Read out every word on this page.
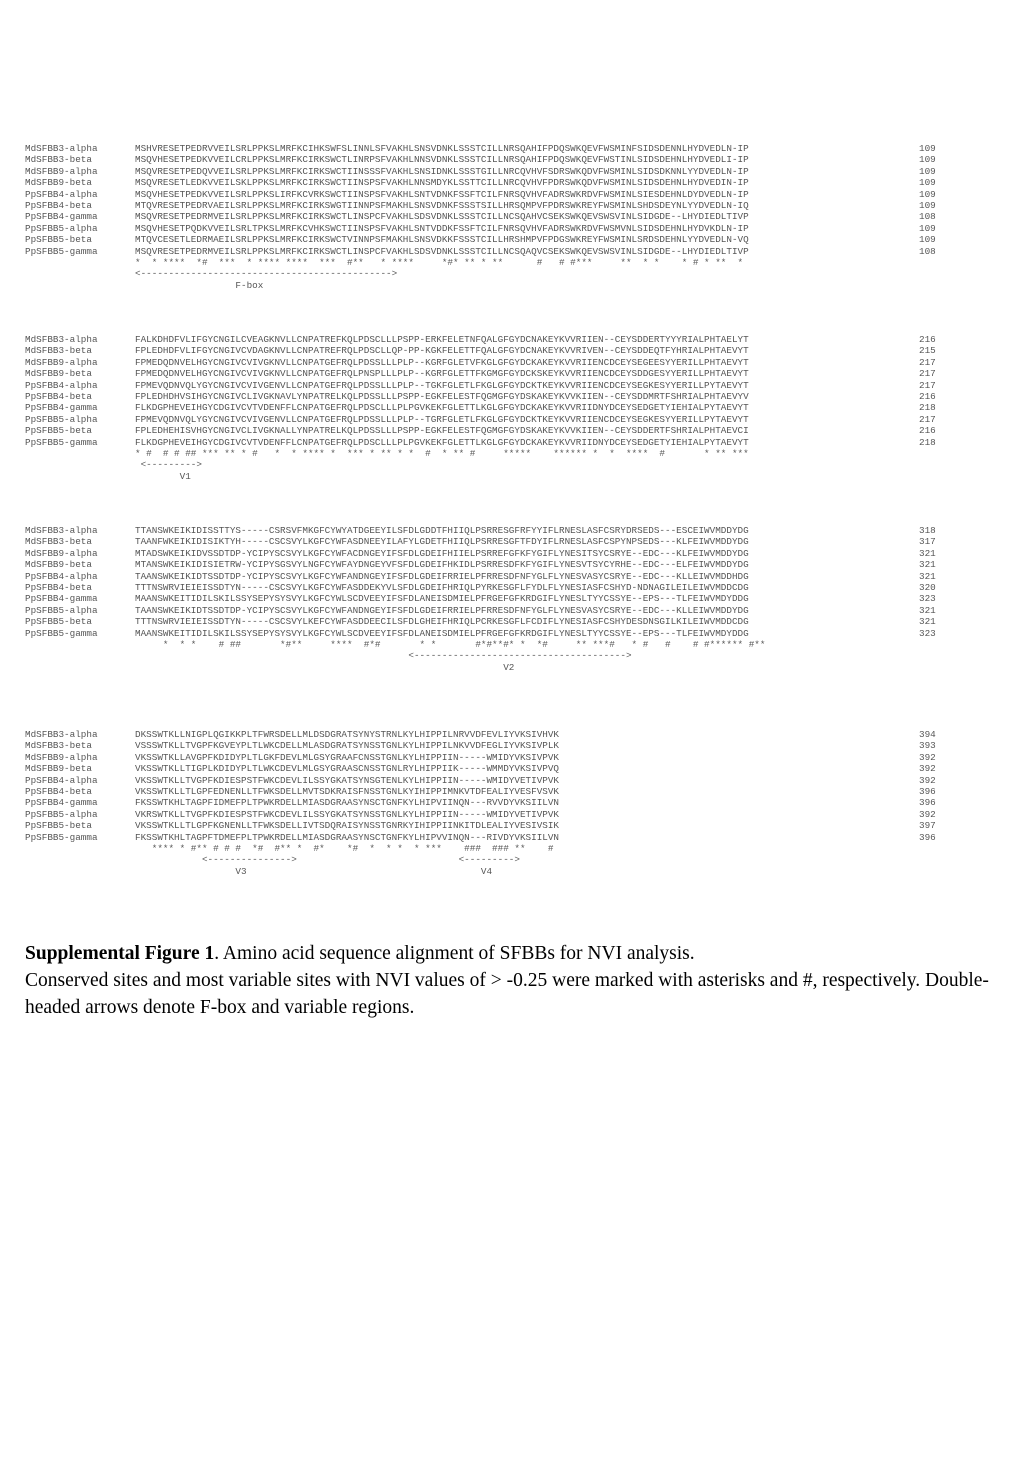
MdSFBB3-alpha	MSHVRESETPEDRVVEILSRLPPKSLMRFKCIHKSWFSLINNLSFVAKHLSNSVDNKLSSSTCILLNRSQAHIFPDQSWKQEVFWSMINFSIDSDENNLHYDVEDLN-IP	109
MdSFBB3-beta	MSQVHESETPEDKVVEILCRLPPKSLMRFKCIRKSWCTLINRPSFVAKHLNNSVDNKLSSSTCILLNRSQAHIFPDQSWKQEVFWSTINLSIDSDEHNLHYDVEDLI-IP	109
MdSFBB9-alpha	MSQVRESETPEDQVVEILSRLPPKSLMRFKCIRKSWCTIINSSSFVAKHLSNSIDNKLSSSTGILLNRCQVHVFSDRSWKQDVFWSMINLSIDSDKNNLYYDVEDLN-IP	109
MdSFBB9-beta	MSQVRESETLEDKVVEILSKLPPKSLMRFKCIRKSWCTIINSPSFVAKHLNNSMDYKLSSTTCILLNRCQVHVFPDRSWKQDVFWSMINLSIDSDEHNLHYDVEDIN-IP	109
PpSFBB4-alpha	MSQVHESETPEDKVVEILSRLPPKSLIRFKCVRKSWCTIINSPSFVAKHLSNTVDNKFSSFTCILFNRSQVHVFADRSWKRDVFWSMINLSIESDEHNLDYDVEDLN-IP	109
PpSFBB4-beta	MTQVRESETPEDRVAEILSRLPPKSLMRFKCIRKSWGTIINNPSFMAKHLSNSVDNKFSSSTSILLHRSQMPVFPDRSWKREYFWSMINLSHDSDEYNLYYDVEDLN-IQ	109
PpSFBB4-gamma	MSQVRESETPEDRMVEILSRLPPKSLMRFKCIRKSWCTLINSPCFVAKHLSDSVDNKLSSSTCILLNCSQAHVCSEKSWKQEVSWSVINLSIDGDE--LHYDIEDLTIVP	108
PpSFBB5-alpha	MSQVHESETPQDKVVEILSRLTPKSLMRFKCVHKSWCTIINSPSFVAKHLSNTVDDKFSSFTCILFNRSQVHVFADRSWKRDVFWSMVNLSIDSDEHNLHYDVKDLN-IP	109
PpSFBB5-beta	MTQVCESETLEDRMAEILSRLPPKSLMRFKCIRKSWCTVINNPSFMAKHLSNSVDKKFSSSTCILLHRSHMPVFPDGSWKREYFWSMINLSRDSDEHNLYYDVEDLN-VQ	109
PpSFBB5-gamma	MSQVRESETPEDRMVEILSRLPPKSLMRFKCIRKSWCTLINSPCFVAKHLSDSVDNKLSSSTCILLNCSQAQVCSEKSWKQEVSWSVINLSIDGDE--LHYDIEDLTIVP	108
*  * ****  *#  ***  * **** ****  ***  #**   * ****     *#* ** * **      #   # #***     **  * *    * # * **  *
<--------------------------------------------->
F-box
MdSFBB3-alpha	FALKDHDFVLIFGYCNGILCVEAGKNVLLCNPATREFKQLPDSCLLLPSPP-ERKFELETNFQALGFGYDCNAKEYKVVRIIEN--CEYSDDERTYYYRIALPHTAELYT	216
MdSFBB3-beta	FPLEDHDFVLIFGYCNGIVCVDAGKNVLLCNPATREFRQLPDSCLLQP-PP-KGKFELETTFQALGFGYDCNAKEYKVVRIVEN--CEYSDDEQTFYHRIALPHTAEVYT	215
MdSFBB9-alpha	FPMEDQDNVELHGYCNGIVCVIVGKNVLLCNPATGEFRQLPDSSLLLPLP--KGRFGLETVFKGLGFGYDCKAKEYKVVRIIENCDCEYSEGEESYYERILLPHTAEVYT	217
MdSFBB9-beta	FPMEDQDNVELHGYCNGIVCVIVGKNVLLCNPATGEFRQLPNSPLLLPLP--KGRFGLETTFKGMGFGYDCKSKEYKVVRIIENCDCEYSDDGESYYERILLPHTAEVYT	217
PpSFBB4-alpha	FPMEVQDNVQLYGYCNGIVCVIVGENVLLCNPATGEFRQLPDSSLLLPLP--TGKFGLETLFKGLGFGYDCKTKEYKVVRIIENCDCEYSEGKESYYERILLPYTAEVYT	217
PpSFBB4-beta	FPLEDHDHVSIHGYCNGIVCLIVGKNAVLYNPATRELKQLPDSSLLLPSPP-EGKFELESTFQGMGFGYDSKAKEYKVVKIIEN--CEYSDDMRTFSHRIALPHTAEVYV	216
PpSFBB4-gamma	FLKDGPHEVEIHGYCDGIVCVTVDENFFLCNPATGEFRQLPDSCLLLPLPGVKEKFGLETTLKGLGFGYDCKAKEYKVVRIIDNYDCEYSEDGETYIEHIALPYTAEVYT	218
PpSFBB5-alpha	FPMEVQDNVQLYGYCNGIVCVIVGENVLLCNPATGEFRQLPDSSLLLPLP--TGRFGLETLFKGLGFGYDCKTKEYKVVRIIENCDCEYSEGKESYYERILLPYTAEVYT	217
PpSFBB5-beta	FPLEDHEHISVHGYCNGIVCLIVGKNALLYNPATRELKQLPDSSLLLPSPP-EGKFELESTFQGMGFGYDSKAKEYKVVKIIEN--CEYSDDERTFSHRIALPHTAEVCI	216
PpSFBB5-gamma	FLKDGPHEVEIHGYCDGIVCVTVDENFFLCNPATGEFRQLPDSCLLLPLPGVKEKFGLETTLKGLGFGYDCKAKEYKVVRIIDNYDCEYSEDGETYIEHIALPYTAEVYT	218
* #  # # ## *** ** * #   *  * **** *  *** * ** * *  #  * ** #     *****    ****** *  *  ****  #       * ** ***
<--------->
V1
MdSFBB3-alpha	TTANSWKEIKIDISSTTYS-----CSRSVFMKGFCYWYATDGEEYILSFDLGDDTFHIIQLPSRRESGFRFYYIFLRNESLASFCSRYDRSEDS---ESCEIWVMDDYDG	318
MdSFBB3-beta	TAANFWKEIKIDISIKTYH-----CSCSVYLKGFCYWFASDNEEYILAFYLGDETFHIIQLPSRRESGFTFDYIFLRNESLASFCSPYNPSEDS---KLFEIWVMDDYDG	317
MdSFBB9-alpha	MTADSWKEIKIDVSSDTDP-YCIPYSCSVYLKGFCYWFACDNGEYIFSFDLGDEIFHIIELPSRREFGFKFYGIFLYNESITSYCSRYE--EDC---KLFEIWVMDDYDG	321
MdSFBB9-beta	MTANSWKEIKIDISIETRW-YCIPYSGSVYLNGFCYWFAYDNGEYVFSFDLGDEIFHKIDLPSRRESDFKFYGIFLYNESVTSYCYRHE--EDC---ELFEIWVMDDYDG	321
PpSFBB4-alpha	TAANSWKEIKIDTSSDTDP-YCIPYSCSVYLKGFCYWFANDNGEYIFSFDLGDEIFRRIELPFRRESDFNFYGLFLYNESVASYCSRYE--EDC---KLLEIWVMDDHDG	321
PpSFBB4-beta	TTTNSWRVIEIEISSDTYN-----CSCSVYLKGFCYWFASDDEKYVLSFDLGDEIFHRIQLPYRKESGFLFYDLFLYNESIASFCSHYD-NDNAGILEILEIWVMDDCDG	320
PpSFBB4-gamma	MAANSWKEITIDILSKILSSYSEPYSYSVYLKGFCYWLSCDVEEYIFSFDLANEISDMIELPFRGEFGFKRDGIFLYNESLTYYCSSYE--EPS---TLFEIWVMDYDDG	323
PpSFBB5-alpha	TAANSWKEIKIDTSSDTDP-YCIPYSCSVYLKGFCYWFANDNGEYIFSFDLGDEIFRRIELPFRRESDFNFYGLFLYNESVASYCSRYE--EDC---KLLEIWVMDDYDG	321
PpSFBB5-beta	TTTNSWRVIEIEISSDTYN-----CSCSVYLKEFCYWFASDDEECILSFDLGHEIFHRIQLPCRKESGFLFCDIFLYNESIASFCSHYDESDNSGILKILEIWVMDDCDG	321
PpSFBB5-gamma	MAANSWKEITIDILSKILSSYSEPYSYSVYLKGFCYWLSCDVEEYIFSFDLANEISDMIELPFRGEFGFKRDGIFLYNESLTYYCSSYE--EPS---TLFEIWVMDYDDG	323
*  * *    # ##       *#**     ****  #*#       * *       #*#**#* *  *#     ** ***#   * #   #    # #****** #**
<-------------------------------------->
V2
MdSFBB3-alpha	DKSSWTKLLNIGPLQGIKKPLTFWRSDELLMLDSDGRATSYNYSTRNLKYLHIPPILNRVVDFEVLIYVKSIVHVK	394
MdSFBB3-beta	VSSSWTKLLTVGPFKGVEYPLTLWKCDELLMLASDGRATSYNSSTGNLKYLHIPPILNKVVDFEGLIYVKSIVPLK	393
MdSFBB9-alpha	VKSSWTKLLAVGPFKDIDYPLTLGKFDEVLMLGSYGRAAFCNSSTGNLKYLHIPPIIN-----WMIDYVKSIVPVK	392
MdSFBB9-beta	VKSSWTKLLTIGPLKDIDYPLTLWKCDEVLMLGSYGRAASCNSSTGNLRYLHIPPIIK-----WMMDYVKSIVPVQ	392
PpSFBB4-alpha	VKSSWTKLLTVGPFKDIESPSTFWKCDEVLILSSYGKATSYNSGTENLKYLHIPPIIN-----WMIDYVETIVPVK	392
PpSFBB4-beta	VKSSWTKLLTLGPFEDNENLLTFWKSDELLMVTSDKRAISFNSSTGNLKYIHIPPIMNKVTDFEALIYVESFVSVK	396
PpSFBB4-gamma	FKSSWTKHLTAGPFIDMEFPLTPWKRDELLMIASDGRAASYNSCTGNFKYLHIPVIINQN---RVVDYVKSIILVN	396
PpSFBB5-alpha	VKRSWTKLLTVGPFKDIESPSTFWKCDEVLILSSYGKATSYNSSTGNLKYLHIPPIIN-----WMIDYVETIVPVK	392
PpSFBB5-beta	VKSSWTKLLTLGPFKGNENLLTFWKSDELLIVTSDQRAISYNSSTGNRKYIHIPPIINKITDLEALIYVESIVSIK	397
PpSFBB5-gamma	FKSSWTKHLTAGPFTDMEFPLTPWKRDELLMIASDGRAASYNSCTGNFKYLHIPVVINQN---RIVDYVKSIILVN	396
**** * #** # # #  *#  #** *  #*    *#  *  * *  * ***    ###  ### **    #
<--------------->                             <--------->
V3                                          V4
Supplemental Figure 1. Amino acid sequence alignment of SFBBs for NVI analysis.
Conserved sites and most variable sites with NVI values of > -0.25 were marked with asterisks and #, respectively. Double-headed arrows denote F-box and variable regions.
